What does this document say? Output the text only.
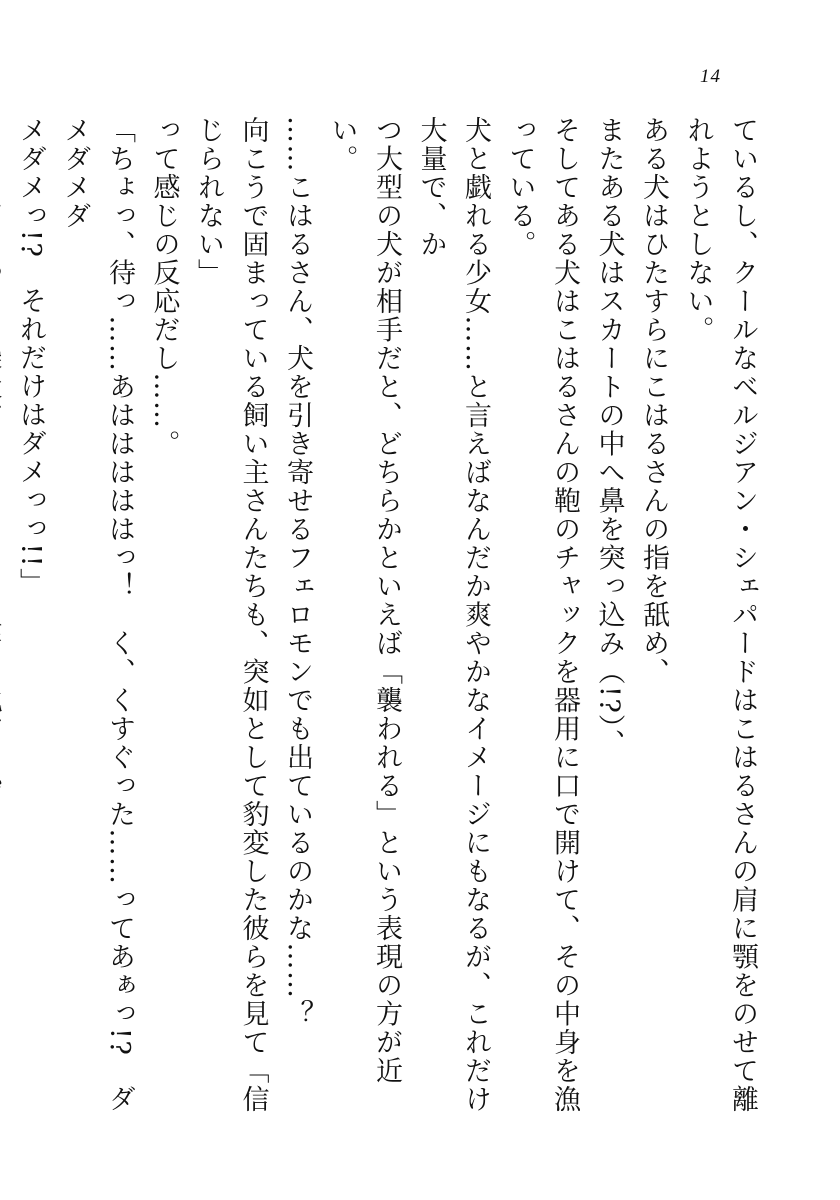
14

ているし、クールなベルジアン・シェパードはこはるさんの肩に顎をのせて離れようとしない。

ある犬はひたすらにこはるさんの指を舐め、

またある犬はスカートの中へ鼻を突っ込み（!?）、

そしてある犬はこはるさんの鞄のチャックを器用に口で開けて、その中身を漁っている。

犬と戯れる少女……と言えばなんだか爽やかなイメージにもなるが、これだけ大量で、か

つ大型の犬が相手だと、どちらかといえば「襲われる」という表現の方が近い。

……こはるさん、犬を引き寄せるフェロモンでも出ているのかな……？

向こうで固まっている飼い主さんたちも、突如として豹変した彼らを見て「信じられない」

って感じの反応だし……。

「ちょっ、待っ……あはははははっ！　く、くすぐった……ってあぁっ!?　ダメダメダ

メダメっ!?　それだけはダメっっ!!」
